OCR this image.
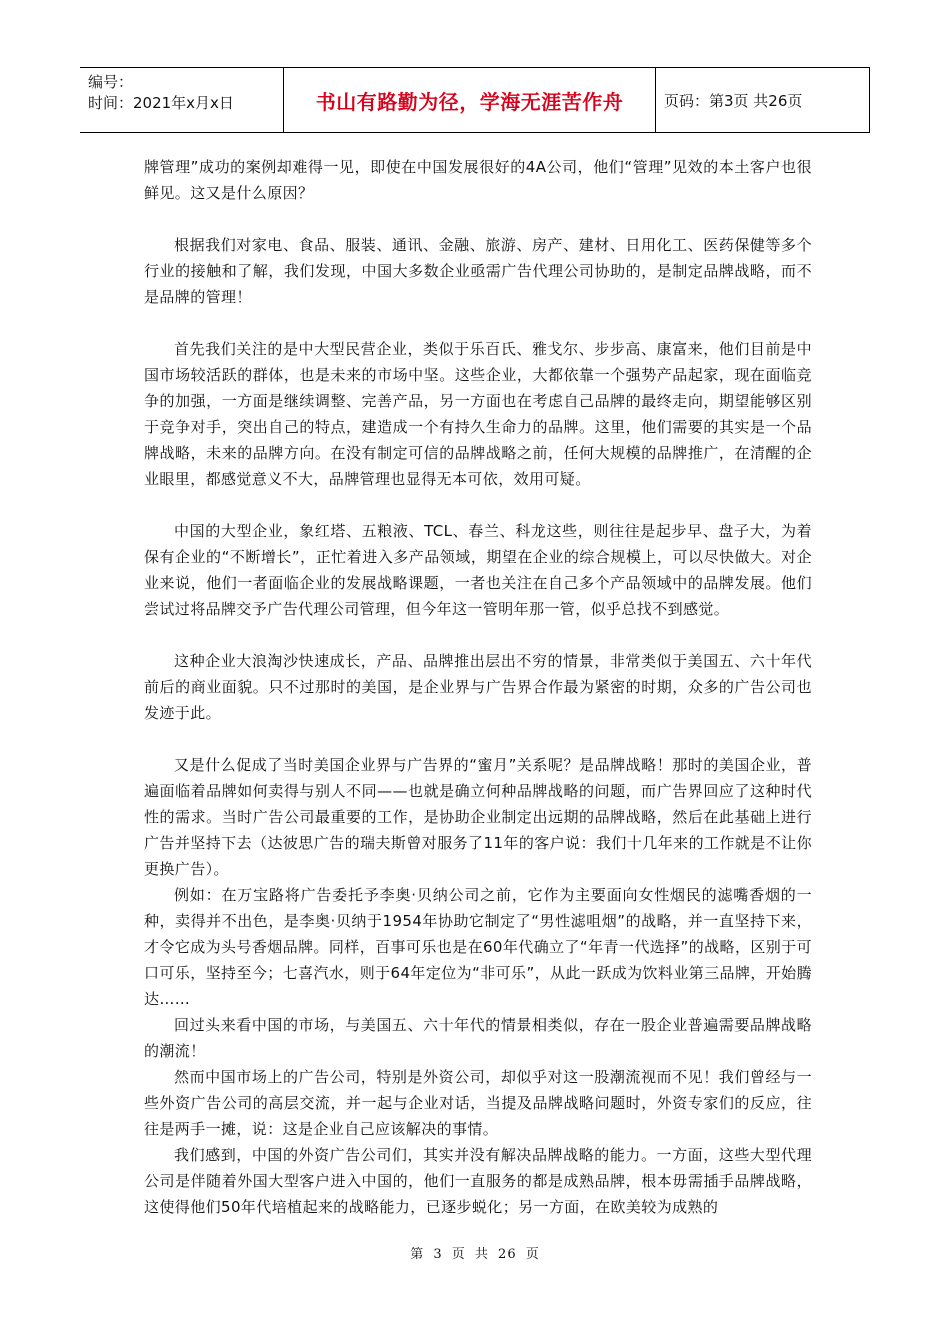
编号：
时间：2021年x月x日	书山有路勤为径，学海无涯苦作舟	页码：第3页 共26页

牌管理”成功的案例却难得一见，即使在中国发展很好的4A公司，他们“管理”见效的本土客户也很鲜见。这又是什么原因？

根据我们对家电、食品、服装、通讯、金融、旅游、房产、建材、日用化工、医药保健等多个行业的接触和了解，我们发现，中国大多数企业亟需广告代理公司协助的，是制定品牌战略，而不是品牌的管理！

首先我们关注的是中大型民营企业，类似于乐百氏、雅戈尔、步步高、康富来，他们目前是中国市场较活跃的群体，也是未来的市场中坚。这些企业，大都依靠一个强势产品起家，现在面临竞争的加强，一方面是继续调整、完善产品，另一方面也在考虑自己品牌的最终走向，期望能够区别于竞争对手，突出自己的特点，建造成一个有持久生命力的品牌。这里，他们需要的其实是一个品牌战略，未来的品牌方向。在没有制定可信的品牌战略之前，任何大规模的品牌推广，在清醒的企业眼里，都感觉意义不大，品牌管理也显得无本可依，效用可疑。

中国的大型企业，象红塔、五粮液、TCL、春兰、科龙这些，则往往是起步早、盘子大，为着保有企业的“不断增长”，正忙着进入多产品领域，期望在企业的综合规模上，可以尽快做大。对企业来说，他们一者面临企业的发展战略课题，一者也关注在自己多个产品领域中的品牌发展。他们尝试过将品牌交予广告代理公司管理，但今年这一管明年那一管，似乎总找不到感觉。

这种企业大浪淘沙快速成长，产品、品牌推出层出不穷的情景，非常类似于美国五、六十年代前后的商业面貌。只不过那时的美国，是企业界与广告界合作最为紧密的时期，众多的广告公司也发迹于此。

又是什么促成了当时美国企业界与广告界的“蜜月”关系呢？是品牌战略！那时的美国企业，普遍面临着品牌如何卖得与别人不同——也就是确立何种品牌战略的问题，而广告界回应了这种时代性的需求。当时广告公司最重要的工作，是协助企业制定出远期的品牌战略，然后在此基础上进行广告并坚持下去（达彼思广告的瑞夫斯曾对服务了11年的客户说：我们十几年来的工作就是不让你更换广告）。

例如：在万宝路将广告委托予李奥·贝纳公司之前，它作为主要面向女性烟民的滤嘴香烟的一种，卖得并不出色，是李奥·贝纳于1954年协助它制定了“男性滤咀烟”的战略，并一直坚持下来，才令它成为头号香烟品牌。同样，百事可乐也是在60年代确立了“年青一代选择”的战略，区别于可口可乐，坚持至今；七喜汽水，则于64年定位为“非可乐”，从此一跃成为饮料业第三品牌，开始腾达……

回过头来看中国的市场，与美国五、六十年代的情景相类似，存在一股企业普遍需要品牌战略的潮流！

然而中国市场上的广告公司，特别是外资公司，却似乎对这一股潮流视而不见！我们曾经与一些外资广告公司的高层交流，并一起与企业对话，当提及品牌战略问题时，外资专家们的反应，往往是两手一摊，说：这是企业自己应该解决的事情。

我们感到，中国的外资广告公司们，其实并没有解决品牌战略的能力。一方面，这些大型代理公司是伴随着外国大型客户进入中国的，他们一直服务的都是成熟品牌，根本毋需插手品牌战略，这使得他们50年代培植起来的战略能力，已逐步蜕化；另一方面，在欧美较为成熟的

第 3 页 共 26 页
